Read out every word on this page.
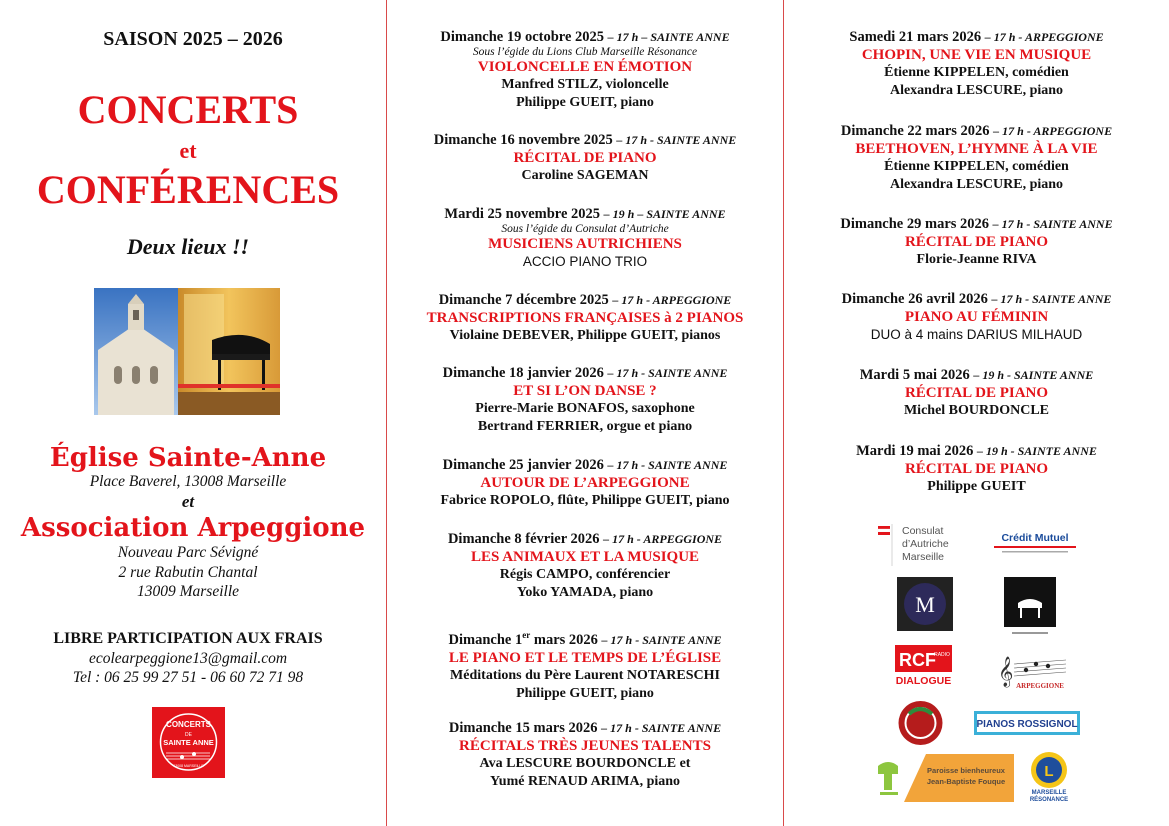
SAISON 2025 – 2026
CONCERTS
et
CONFÉRENCES
Deux lieux !!
Église Sainte-Anne
Place Baverel, 13008 Marseille
et
Association Arpeggione
Nouveau Parc Sévigné
2 rue Rabutin Chantal
13009 Marseille
LIBRE PARTICIPATION AUX FRAIS
ecolearpeggione13@gmail.com
Tel : 06 25 99 27 51 - 06 60 72 71 98
CONCERTS
DE
SAINTE ANNE
13008 MARSEILLE
Dimanche 19 octobre 2025 – 17 h – SAINTE ANNE
Sous l’égide du Lions Club Marseille Résonance
VIOLONCELLE EN ÉMOTION
Manfred STILZ, violoncelle
Philippe GUEIT, piano
Dimanche 16 novembre 2025 – 17 h - SAINTE ANNE
RÉCITAL DE PIANO
Caroline SAGEMAN
Mardi 25 novembre 2025 – 19 h – SAINTE ANNE
Sous l’égide du Consulat d’Autriche
MUSICIENS AUTRICHIENS
ACCIO PIANO TRIO
Dimanche 7 décembre 2025 – 17 h - ARPEGGIONE
TRANSCRIPTIONS FRANÇAISES à 2 PIANOS
Violaine DEBEVER, Philippe GUEIT, pianos
Dimanche 18 janvier 2026 – 17 h - SAINTE ANNE
ET SI L’ON DANSE ?
Pierre-Marie BONAFOS, saxophone
Bertrand FERRIER, orgue et piano
Dimanche 25 janvier 2026 – 17 h - SAINTE ANNE
AUTOUR DE L’ARPEGGIONE
Fabrice ROPOLO, flûte, Philippe GUEIT, piano
Dimanche 8 février 2026 – 17 h - ARPEGGIONE
LES ANIMAUX ET LA MUSIQUE
Régis CAMPO, conférencier
Yoko YAMADA, piano
Dimanche 1er mars 2026 – 17 h - SAINTE ANNE
LE PIANO ET LE TEMPS DE L’ÉGLISE
Méditations du Père Laurent NOTARESCHI
Philippe GUEIT, piano
Dimanche 15 mars 2026 – 17 h - SAINTE ANNE
RÉCITALS TRÈS JEUNES TALENTS
Ava LESCURE BOURDONCLE et
Yumé RENAUD ARIMA, piano
Samedi 21 mars 2026 – 17 h - ARPEGGIONE
CHOPIN, UNE VIE EN MUSIQUE
Étienne KIPPELEN, comédien
Alexandra LESCURE, piano
Dimanche 22 mars 2026 – 17 h - ARPEGGIONE
BEETHOVEN, L’HYMNE À LA VIE
Étienne KIPPELEN, comédien
Alexandra LESCURE, piano
Dimanche 29 mars 2026 – 17 h - SAINTE ANNE
RÉCITAL DE PIANO
Florie-Jeanne RIVA
Dimanche 26 avril 2026 – 17 h - SAINTE ANNE
PIANO AU FÉMININ
DUO à 4 mains DARIUS MILHAUD
Mardi 5 mai 2026 – 19 h - SAINTE ANNE
RÉCITAL DE PIANO
Michel BOURDONCLE
Mardi 19 mai 2026 – 19 h - SAINTE ANNE
RÉCITAL DE PIANO
Philippe GUEIT
Consulat
d’Autriche
Marseille
Crédit Mutuel
M
RCF
RADIO
DIALOGUE 𝄞 ARPEGGIONE
PIANOS ROSSIGNOL
Paroisse bienheureux
Jean-Baptiste Fouque
L
MARSEILLE
RÉSONANCE
